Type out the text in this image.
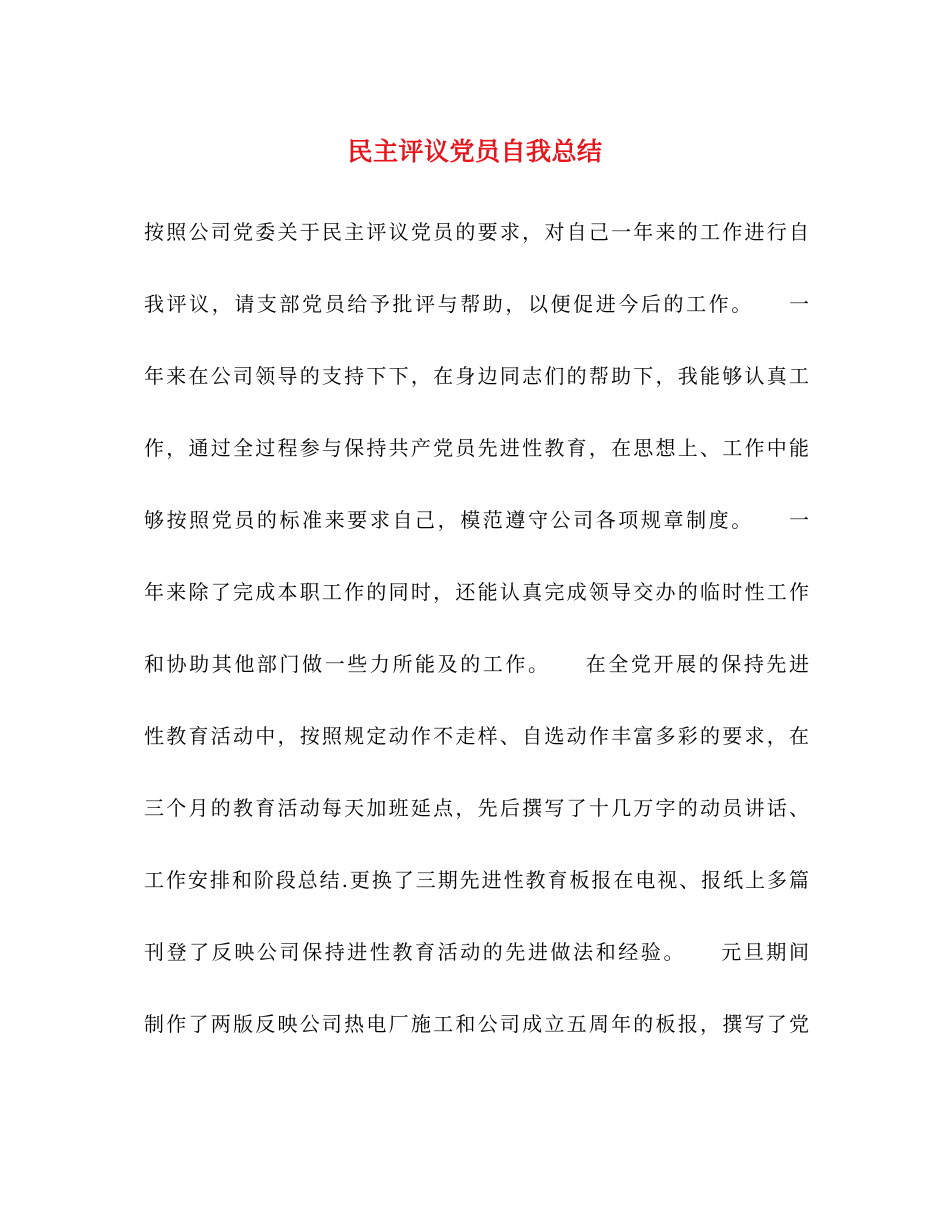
民主评议党员自我总结
按照公司党委关于民主评议党员的要求，对自己一年来的工作进行自
我评议，请支部党员给予批评与帮助，以便促进今后的工作。　　一
年来在公司领导的支持下下，在身边同志们的帮助下，我能够认真工
作，通过全过程参与保持共产党员先进性教育，在思想上、工作中能
够按照党员的标准来要求自己，模范遵守公司各项规章制度。　　一
年来除了完成本职工作的同时，还能认真完成领导交办的临时性工作
和协助其他部门做一些力所能及的工作。　　在全党开展的保持先进
性教育活动中，按照规定动作不走样、自选动作丰富多彩的要求，在
三个月的教育活动每天加班延点，先后撰写了十几万字的动员讲话、
工作安排和阶段总结.更换了三期先进性教育板报在电视、报纸上多篇
刊登了反映公司保持进性教育活动的先进做法和经验。　　元旦期间
制作了两版反映公司热电厂施工和公司成立五周年的板报，撰写了党
